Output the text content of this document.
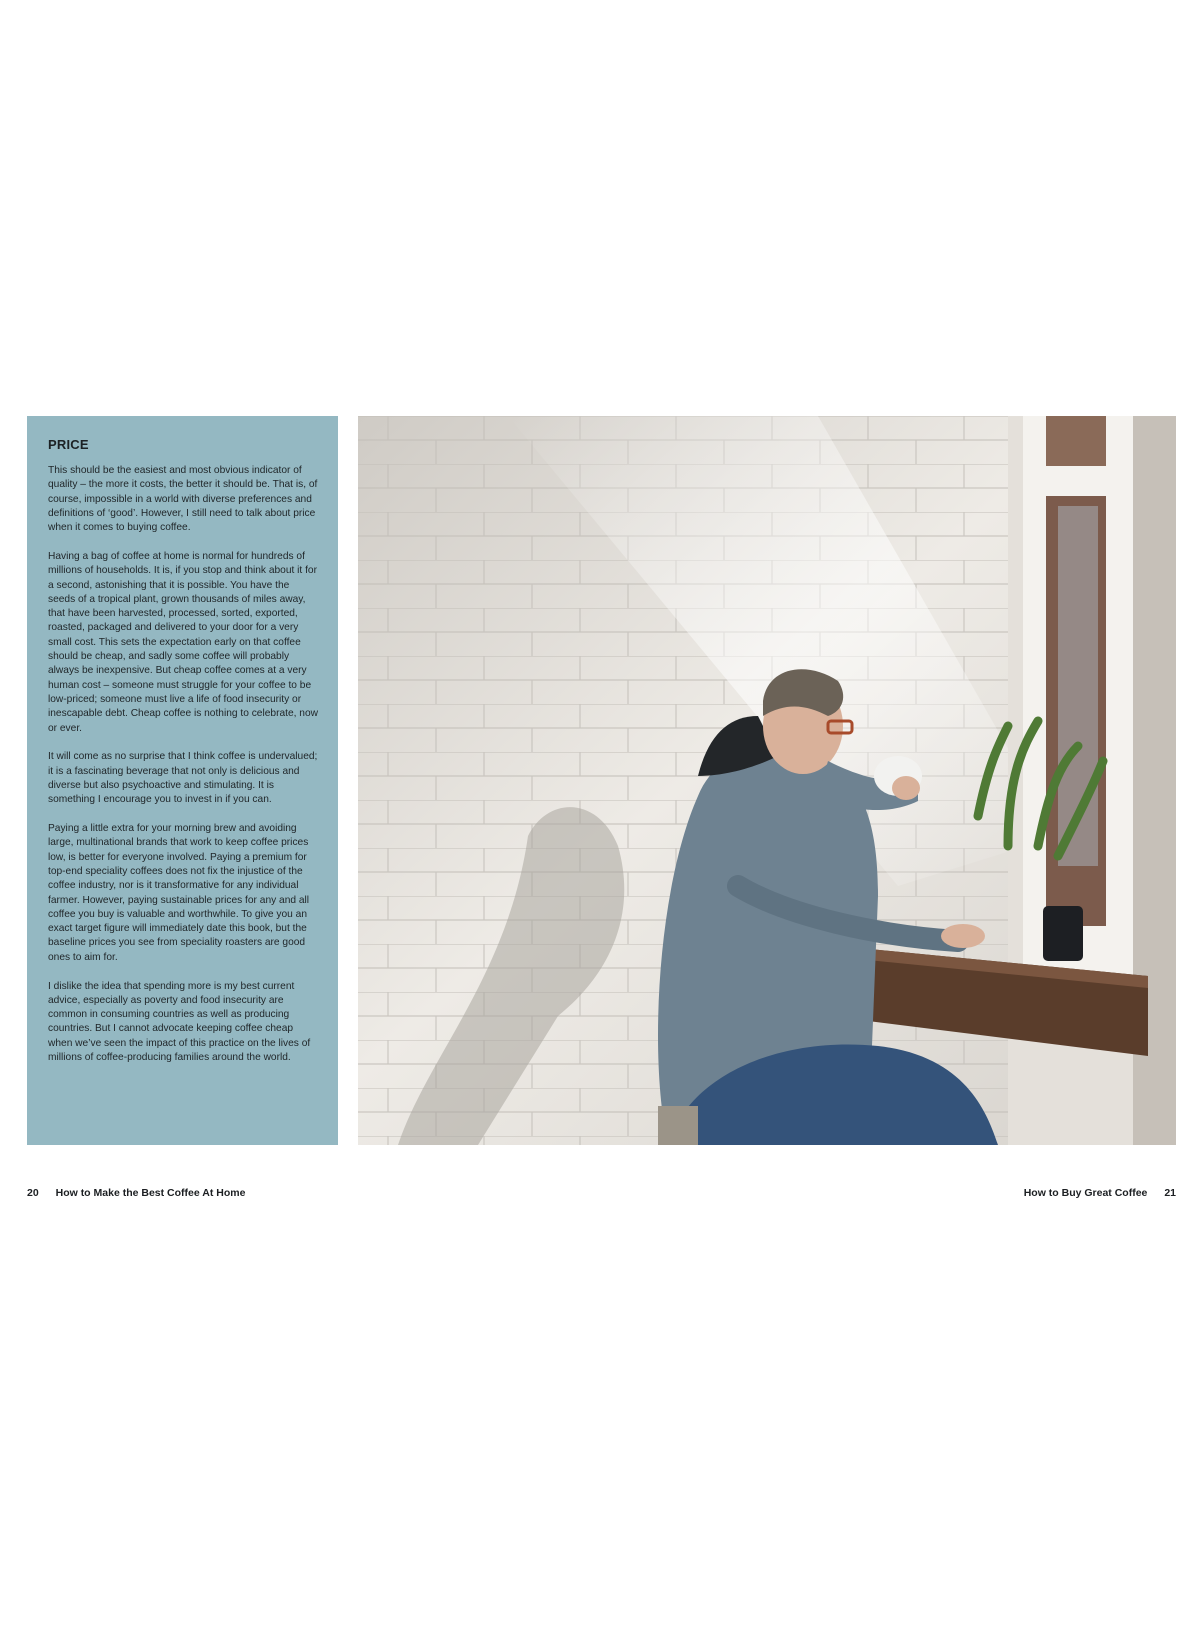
PRICE

This should be the easiest and most obvious indicator of quality – the more it costs, the better it should be. That is, of course, impossible in a world with diverse preferences and definitions of ‘good’. However, I still need to talk about price when it comes to buying coffee.

Having a bag of coffee at home is normal for hundreds of millions of households. It is, if you stop and think about it for a second, astonishing that it is possible. You have the seeds of a tropical plant, grown thousands of miles away, that have been harvested, processed, sorted, exported, roasted, packaged and delivered to your door for a very small cost. This sets the expectation early on that coffee should be cheap, and sadly some coffee will probably always be inexpensive. But cheap coffee comes at a very human cost – someone must struggle for your coffee to be low-priced; someone must live a life of food insecurity or inescapable debt. Cheap coffee is nothing to celebrate, now or ever.

It will come as no surprise that I think coffee is undervalued; it is a fascinating beverage that not only is delicious and diverse but also psychoactive and stimulating. It is something I encourage you to invest in if you can.

Paying a little extra for your morning brew and avoiding large, multinational brands that work to keep coffee prices low, is better for everyone involved. Paying a premium for top-end speciality coffees does not fix the injustice of the coffee industry, nor is it transformative for any individual farmer. However, paying sustainable prices for any and all coffee you buy is valuable and worthwhile. To give you an exact target figure will immediately date this book, but the baseline prices you see from speciality roasters are good ones to aim for.

I dislike the idea that spending more is my best current advice, especially as poverty and food insecurity are common in consuming countries as well as producing countries. But I cannot advocate keeping coffee cheap when we’ve seen the impact of this practice on the lives of millions of coffee-producing families around the world.

20 How to Make the Best Coffee At Home	How to Buy Great Coffee 21
